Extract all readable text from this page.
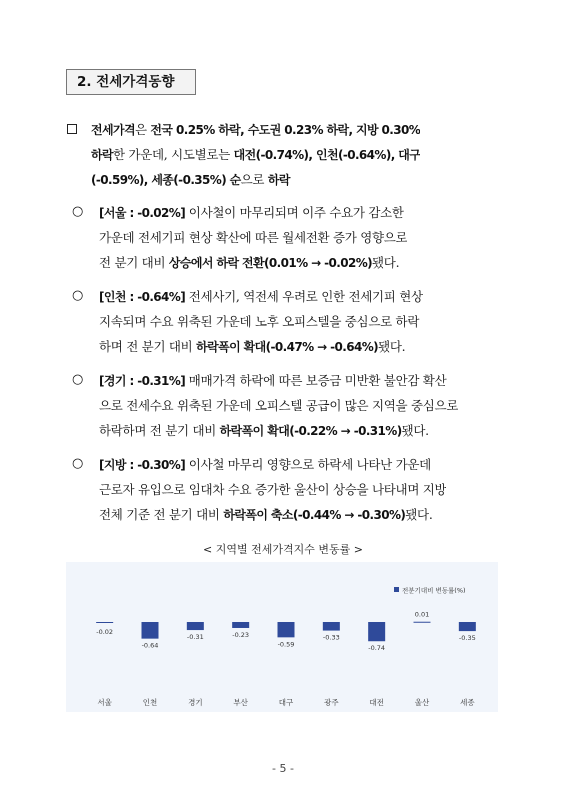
2. 전세가격동향
전세가격은 전국 0.25% 하락, 수도권 0.23% 하락, 지방 0.30%
하락한 가운데, 시도별로는 대전(-0.74%), 인천(-0.64%), 대구
(-0.59%), 세종(-0.35%) 순으로 하락
○ [서울 : -0.02%] 이사철이 마무리되며 이주 수요가 감소한
가운데 전세기피 현상 확산에 따른 월세전환 증가 영향으로
전 분기 대비 상승에서 하락 전환(0.01% → -0.02%)됐다.
○ [인천 : -0.64%] 전세사기, 역전세 우려로 인한 전세기피 현상
지속되며 수요 위축된 가운데 노후 오피스텔을 중심으로 하락
하며 전 분기 대비 하락폭이 확대(-0.47% → -0.64%)됐다.
○ [경기 : -0.31%] 매매가격 하락에 따른 보증금 미반환 불안감 확산
으로 전세수요 위축된 가운데 오피스텔 공급이 많은 지역을 중심으로
하락하며 전 분기 대비 하락폭이 확대(-0.22% → -0.31%)됐다.
○ [지방 : -0.30%] 이사철 마무리 영향으로 하락세 나타난 가운데
근로자 유입으로 임대차 수요 증가한 울산이 상승을 나타내며 지방
전체 기준 전 분기 대비 하락폭이 축소(-0.44% → -0.30%)됐다.
< 지역별 전세가격지수 변동률 >
전분기대비 변동률(%)
-0.02
서울
-0.64
인천
-0.31
경기
-0.23
부산
-0.59
대구
-0.33
광주
-0.74
대전
0.01
울산
-0.35
세종
- 5 -
